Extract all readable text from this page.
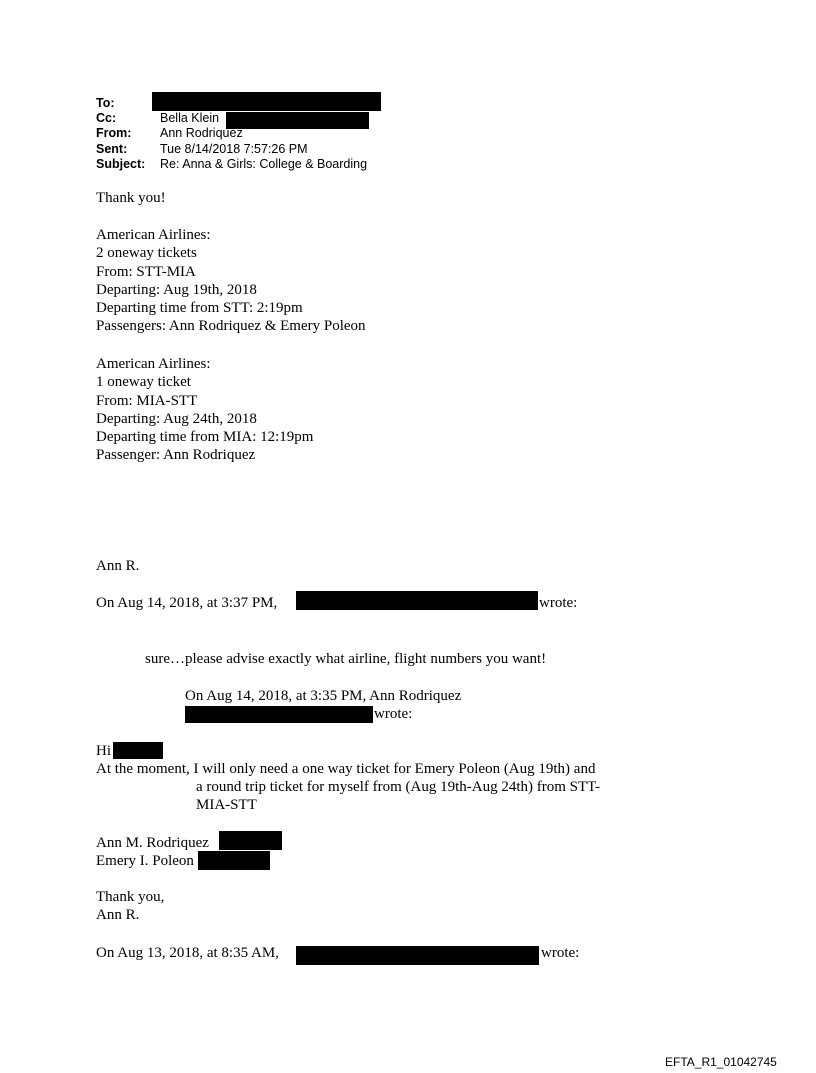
To:
Cc:	Bella Klein
From: Ann Rodriquez
Sent:	Tue 8/14/2018 7:57:26 PM
Subject: Re: Anna & Girls: College & Boarding
Thank you!
American Airlines:
2 oneway tickets
From: STT-MIA
Departing: Aug 19th, 2018
Departing time from STT: 2:19pm
Passengers: Ann Rodriquez & Emery Poleon
American Airlines:
1 oneway ticket
From: MIA-STT
Departing: Aug 24th, 2018
Departing time from MIA: 12:19pm
Passenger: Ann Rodriquez
Ann R.
On Aug 14, 2018, at 3:37 PM,	wrote:
sure…please advise exactly what airline, flight numbers you want!
On Aug 14, 2018, at 3:35 PM, Ann Rodriquez
wrote:
Hi
At the moment, I will only need a one way ticket for Emery Poleon (Aug 19th) and
a round trip ticket for myself from (Aug 19th-Aug 24th) from STT-
MIA-STT
Ann M. Rodriquez
Emery I. Poleon
Thank you,
Ann R.
On Aug 13, 2018, at 8:35 AM,	wrote:
EFTA_R1_01042745
